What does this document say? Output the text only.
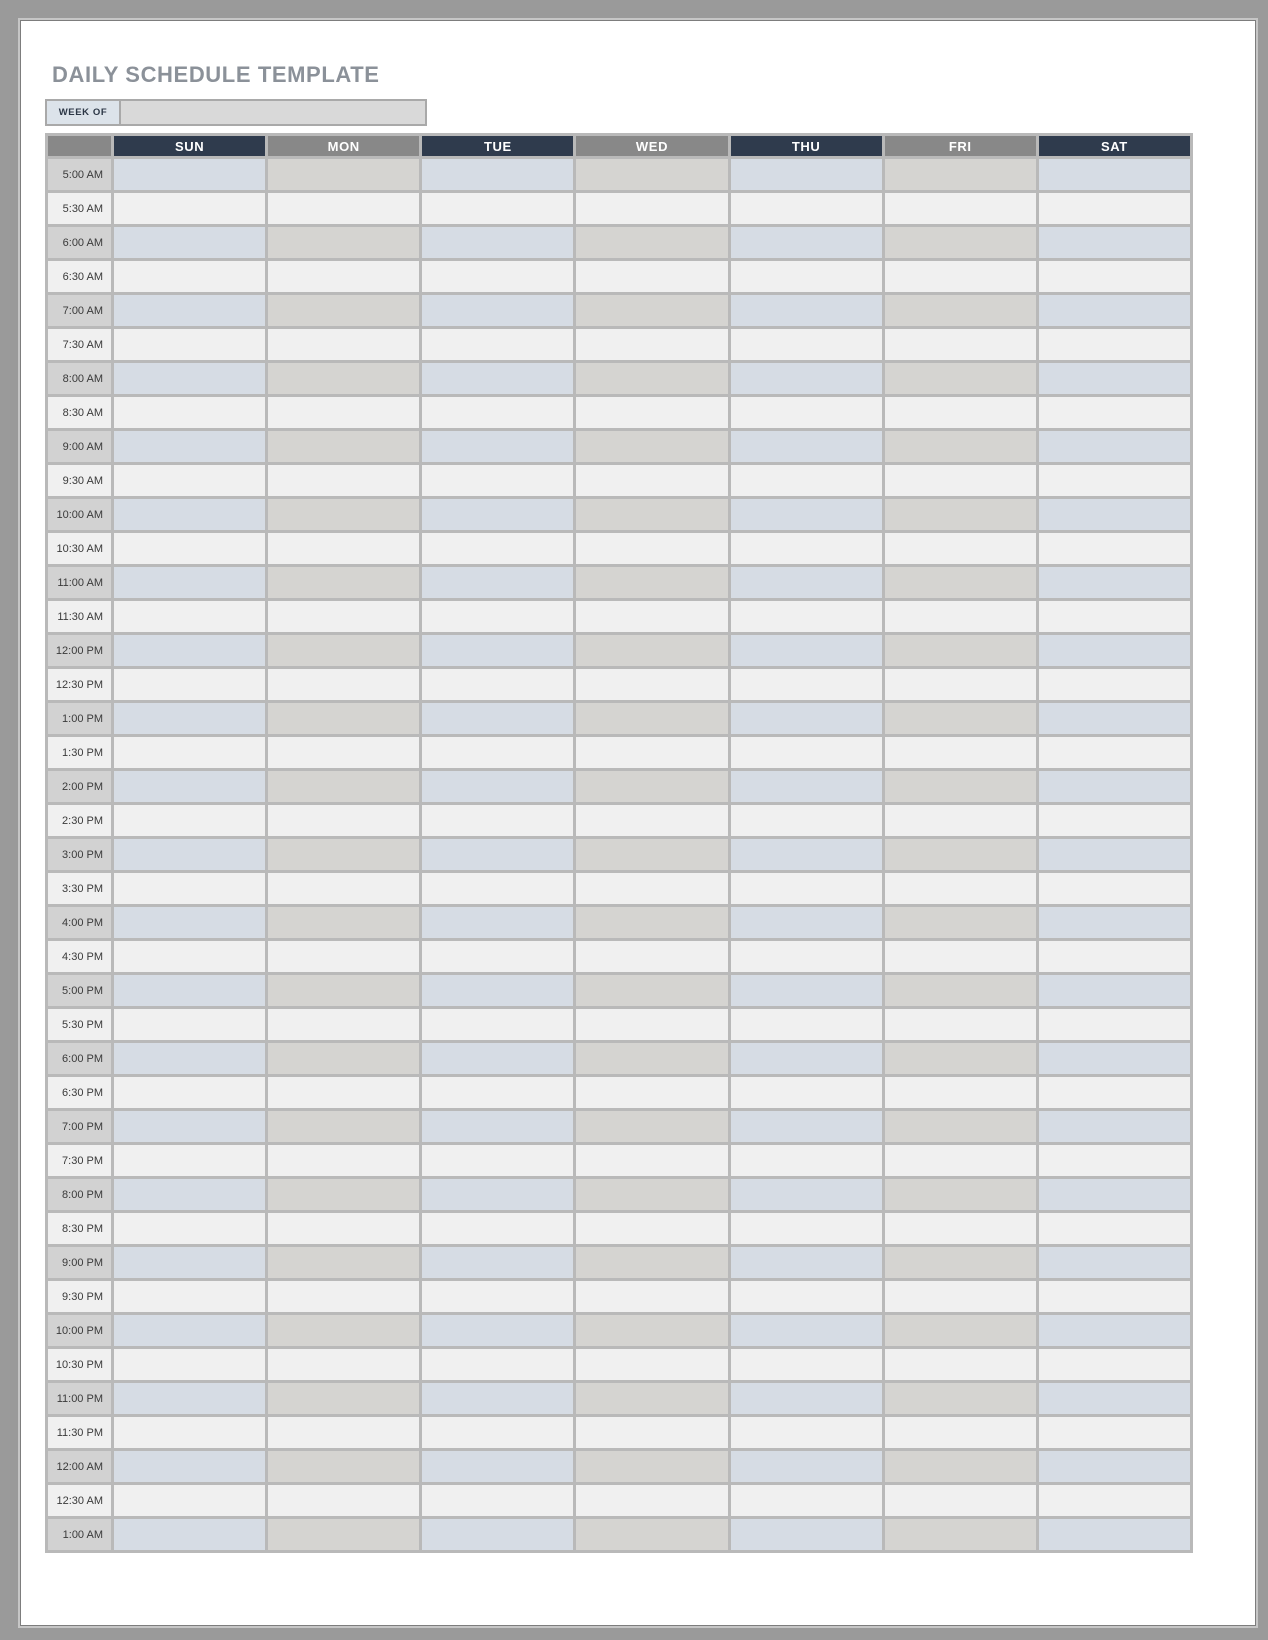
DAILY SCHEDULE TEMPLATE
WEEK OF
	SUN	MON	TUE	WED	THU	FRI	SAT
5:00 AM							
5:30 AM							
6:00 AM							
6:30 AM							
7:00 AM							
7:30 AM							
8:00 AM							
8:30 AM							
9:00 AM							
9:30 AM							
10:00 AM							
10:30 AM							
11:00 AM							
11:30 AM							
12:00 PM							
12:30 PM							
1:00 PM							
1:30 PM							
2:00 PM							
2:30 PM							
3:00 PM							
3:30 PM							
4:00 PM							
4:30 PM							
5:00 PM							
5:30 PM							
6:00 PM							
6:30 PM							
7:00 PM							
7:30 PM							
8:00 PM							
8:30 PM							
9:00 PM							
9:30 PM							
10:00 PM							
10:30 PM							
11:00 PM							
11:30 PM							
12:00 AM							
12:30 AM							
1:00 AM							
